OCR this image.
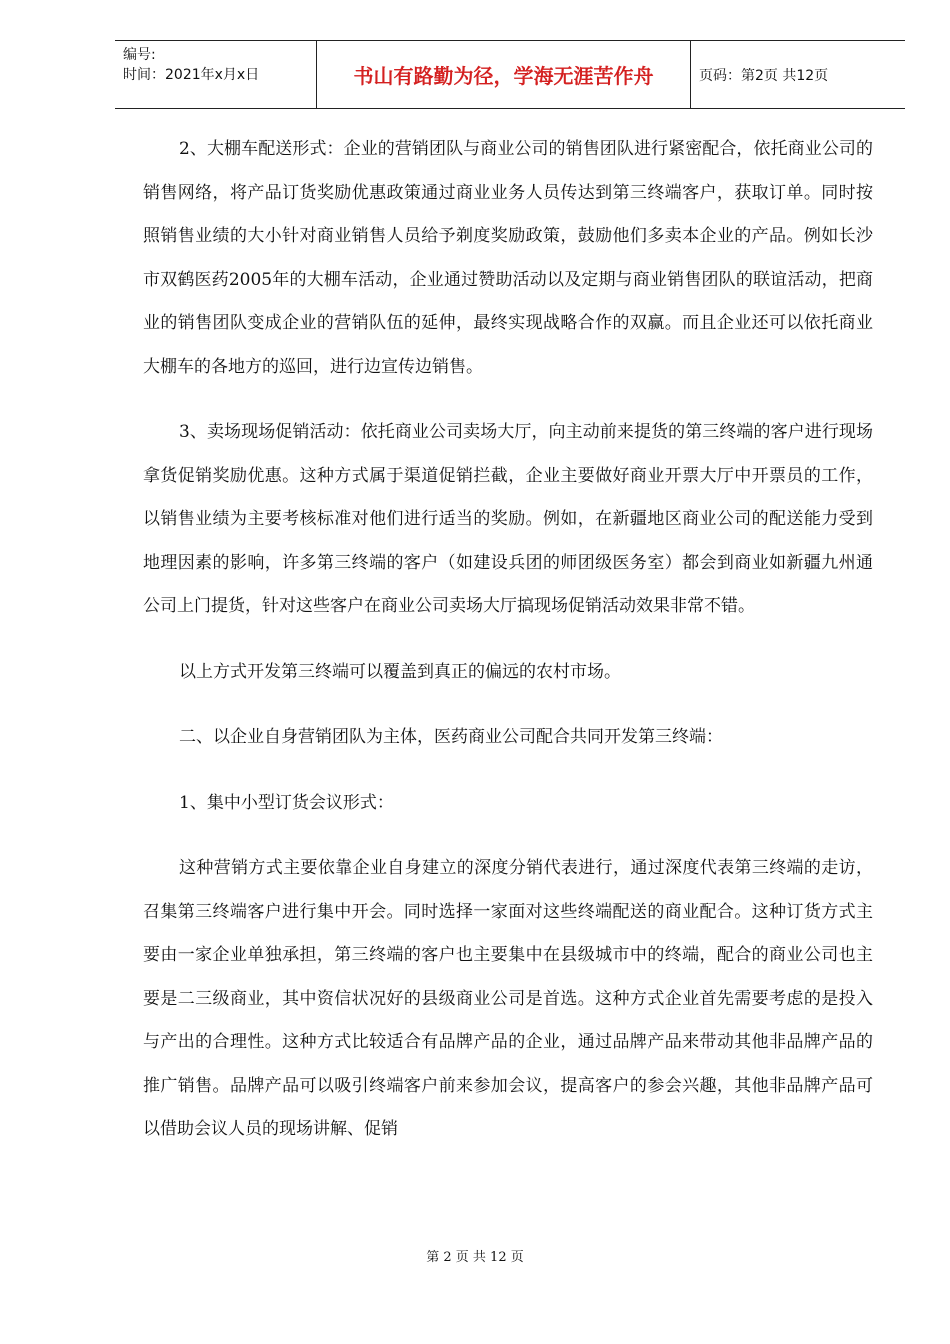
编号:
时间：2021年x月x日	书山有路勤为径，学海无涯苦作舟	页码：第2页 共12页

2、大棚车配送形式：企业的营销团队与商业公司的销售团队进行紧密配合，依托商业公司的销售网络，将产品订货奖励优惠政策通过商业业务人员传达到第三终端客户，获取订单。同时按照销售业绩的大小针对商业销售人员给予剃度奖励政策，鼓励他们多卖本企业的产品。例如长沙市双鹤医药2005年的大棚车活动，企业通过赞助活动以及定期与商业销售团队的联谊活动，把商业的销售团队变成企业的营销队伍的延伸，最终实现战略合作的双赢。而且企业还可以依托商业大棚车的各地方的巡回，进行边宣传边销售。

3、卖场现场促销活动：依托商业公司卖场大厅，向主动前来提货的第三终端的客户进行现场拿货促销奖励优惠。这种方式属于渠道促销拦截，企业主要做好商业开票大厅中开票员的工作，以销售业绩为主要考核标准对他们进行适当的奖励。例如，在新疆地区商业公司的配送能力受到地理因素的影响，许多第三终端的客户（如建设兵团的师团级医务室）都会到商业如新疆九州通公司上门提货，针对这些客户在商业公司卖场大厅搞现场促销活动效果非常不错。

以上方式开发第三终端可以覆盖到真正的偏远的农村市场。

二、以企业自身营销团队为主体，医药商业公司配合共同开发第三终端：

1、集中小型订货会议形式：

这种营销方式主要依靠企业自身建立的深度分销代表进行，通过深度代表第三终端的走访，召集第三终端客户进行集中开会。同时选择一家面对这些终端配送的商业配合。这种订货方式主要由一家企业单独承担，第三终端的客户也主要集中在县级城市中的终端，配合的商业公司也主要是二三级商业，其中资信状况好的县级商业公司是首选。这种方式企业首先需要考虑的是投入与产出的合理性。这种方式比较适合有品牌产品的企业，通过品牌产品来带动其他非品牌产品的推广销售。品牌产品可以吸引终端客户前来参加会议，提高客户的参会兴趣，其他非品牌产品可以借助会议人员的现场讲解、促销

第 2 页 共 12 页
